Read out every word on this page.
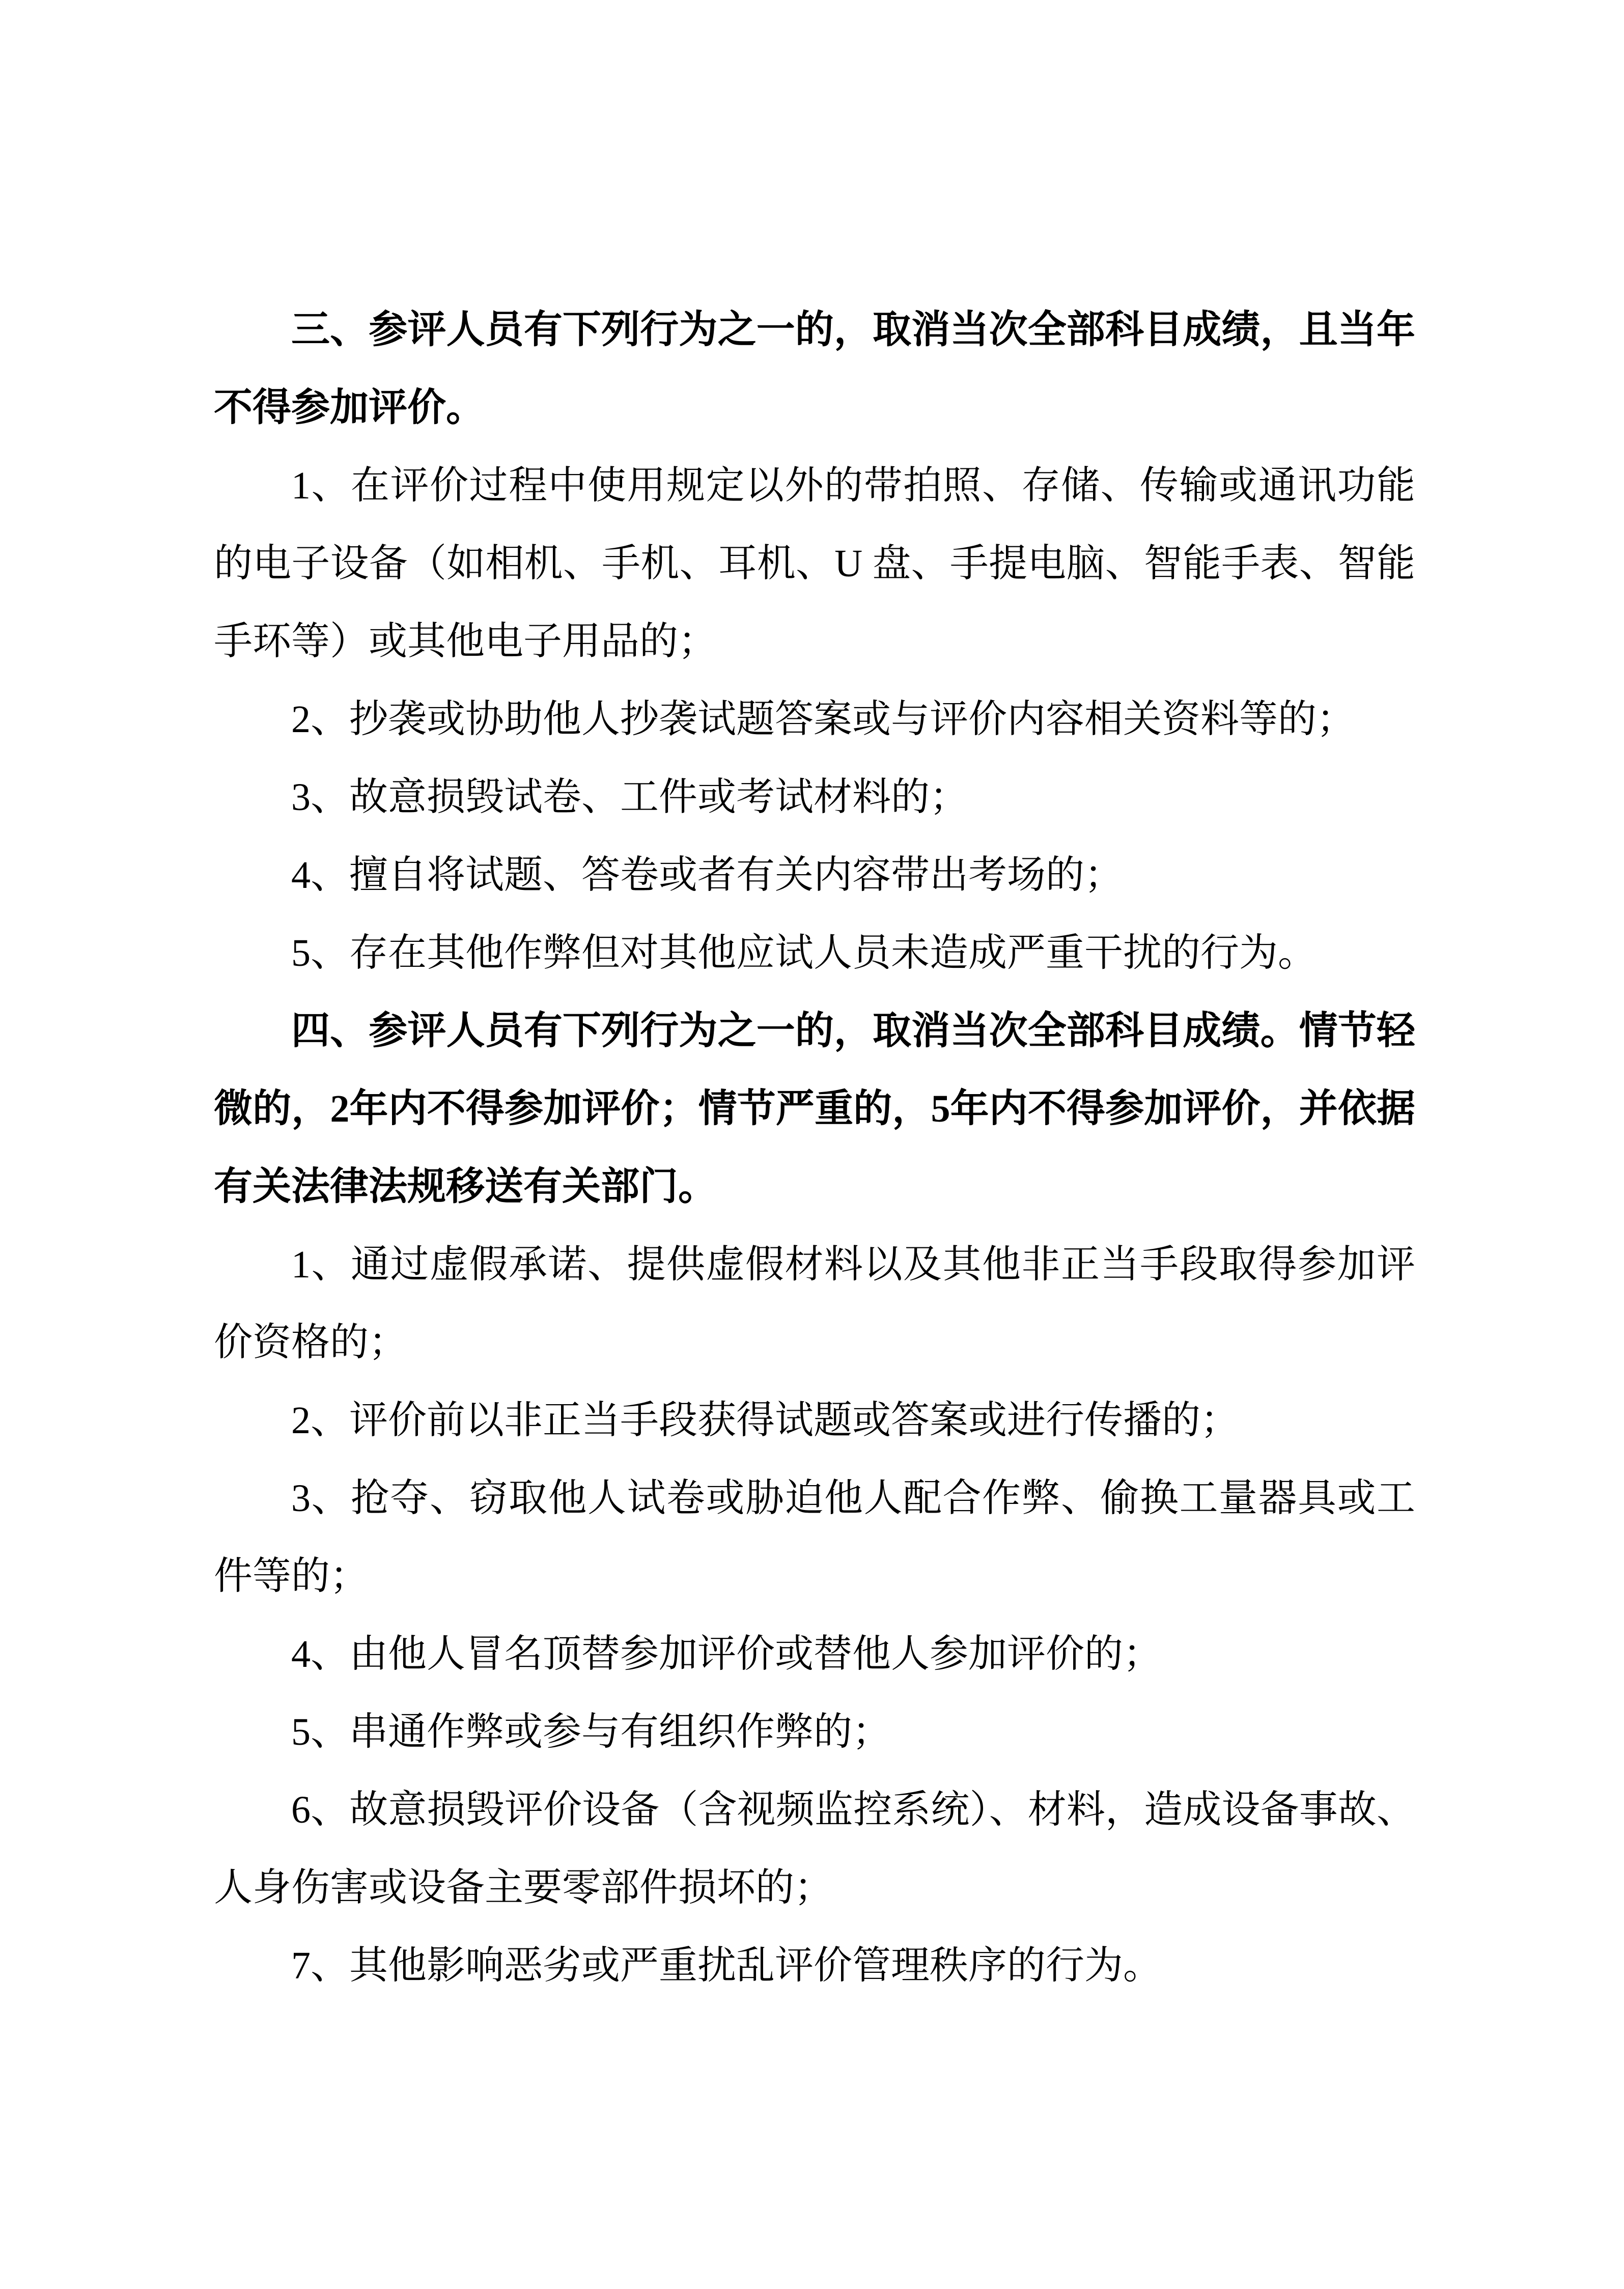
三、参评人员有下列行为之一的，取消当次全部科目成绩，且当年不得参加评价。

1、在评价过程中使用规定以外的带拍照、存储、传输或通讯功能的电子设备（如相机、手机、耳机、U 盘、手提电脑、智能手表、智能手环等）或其他电子用品的；

2、抄袭或协助他人抄袭试题答案或与评价内容相关资料等的；

3、故意损毁试卷、工件或考试材料的；

4、擅自将试题、答卷或者有关内容带出考场的；

5、存在其他作弊但对其他应试人员未造成严重干扰的行为。

四、参评人员有下列行为之一的，取消当次全部科目成绩。情节轻微的，2年内不得参加评价；情节严重的，5年内不得参加评价，并依据有关法律法规移送有关部门。

1、通过虚假承诺、提供虚假材料以及其他非正当手段取得参加评价资格的；

2、评价前以非正当手段获得试题或答案或进行传播的；

3、抢夺、窃取他人试卷或胁迫他人配合作弊、偷换工量器具或工件等的；

4、由他人冒名顶替参加评价或替他人参加评价的；

5、串通作弊或参与有组织作弊的；

6、故意损毁评价设备（含视频监控系统）、材料，造成设备事故、人身伤害或设备主要零部件损坏的；

7、其他影响恶劣或严重扰乱评价管理秩序的行为。
